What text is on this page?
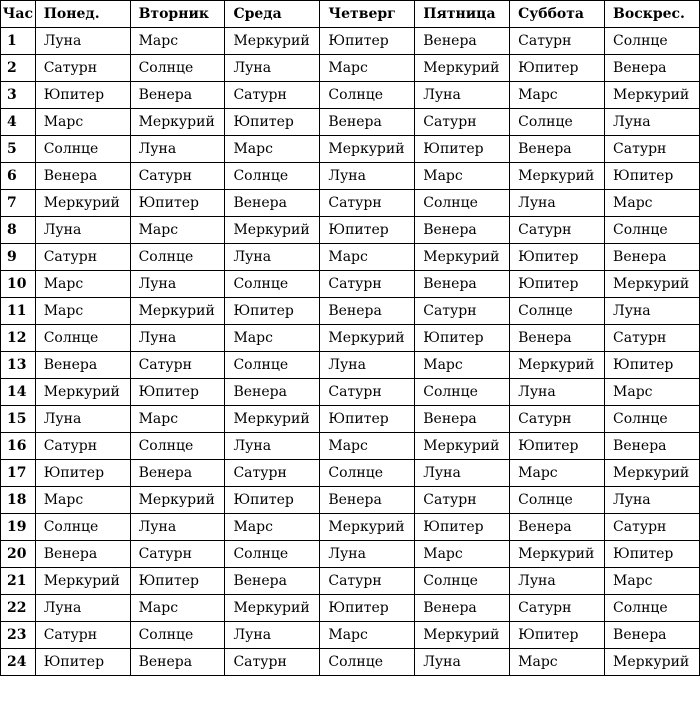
Час	Понед.	Вторник	Среда	Четверг	Пятница	Суббота	Воскрес.
1	Луна	Марс	Меркурий	Юпитер	Венера	Сатурн	Солнце
2	Сатурн	Солнце	Луна	Марс	Меркурий	Юпитер	Венера
3	Юпитер	Венера	Сатурн	Солнце	Луна	Марс	Меркурий
4	Марс	Меркурий	Юпитер	Венера	Сатурн	Солнце	Луна
5	Солнце	Луна	Марс	Меркурий	Юпитер	Венера	Сатурн
6	Венера	Сатурн	Солнце	Луна	Марс	Меркурий	Юпитер
7	Меркурий	Юпитер	Венера	Сатурн	Солнце	Луна	Марс
8	Луна	Марс	Меркурий	Юпитер	Венера	Сатурн	Солнце
9	Сатурн	Солнце	Луна	Марс	Меркурий	Юпитер	Венера
10	Марс	Луна	Солнце	Сатурн	Венера	Юпитер	Меркурий
11	Марс	Меркурий	Юпитер	Венера	Сатурн	Солнце	Луна
12	Солнце	Луна	Марс	Меркурий	Юпитер	Венера	Сатурн
13	Венера	Сатурн	Солнце	Луна	Марс	Меркурий	Юпитер
14	Меркурий	Юпитер	Венера	Сатурн	Солнце	Луна	Марс
15	Луна	Марс	Меркурий	Юпитер	Венера	Сатурн	Солнце
16	Сатурн	Солнце	Луна	Марс	Меркурий	Юпитер	Венера
17	Юпитер	Венера	Сатурн	Солнце	Луна	Марс	Меркурий
18	Марс	Меркурий	Юпитер	Венера	Сатурн	Солнце	Луна
19	Солнце	Луна	Марс	Меркурий	Юпитер	Венера	Сатурн
20	Венера	Сатурн	Солнце	Луна	Марс	Меркурий	Юпитер
21	Меркурий	Юпитер	Венера	Сатурн	Солнце	Луна	Марс
22	Луна	Марс	Меркурий	Юпитер	Венера	Сатурн	Солнце
23	Сатурн	Солнце	Луна	Марс	Меркурий	Юпитер	Венера
24	Юпитер	Венера	Сатурн	Солнце	Луна	Марс	Меркурий
